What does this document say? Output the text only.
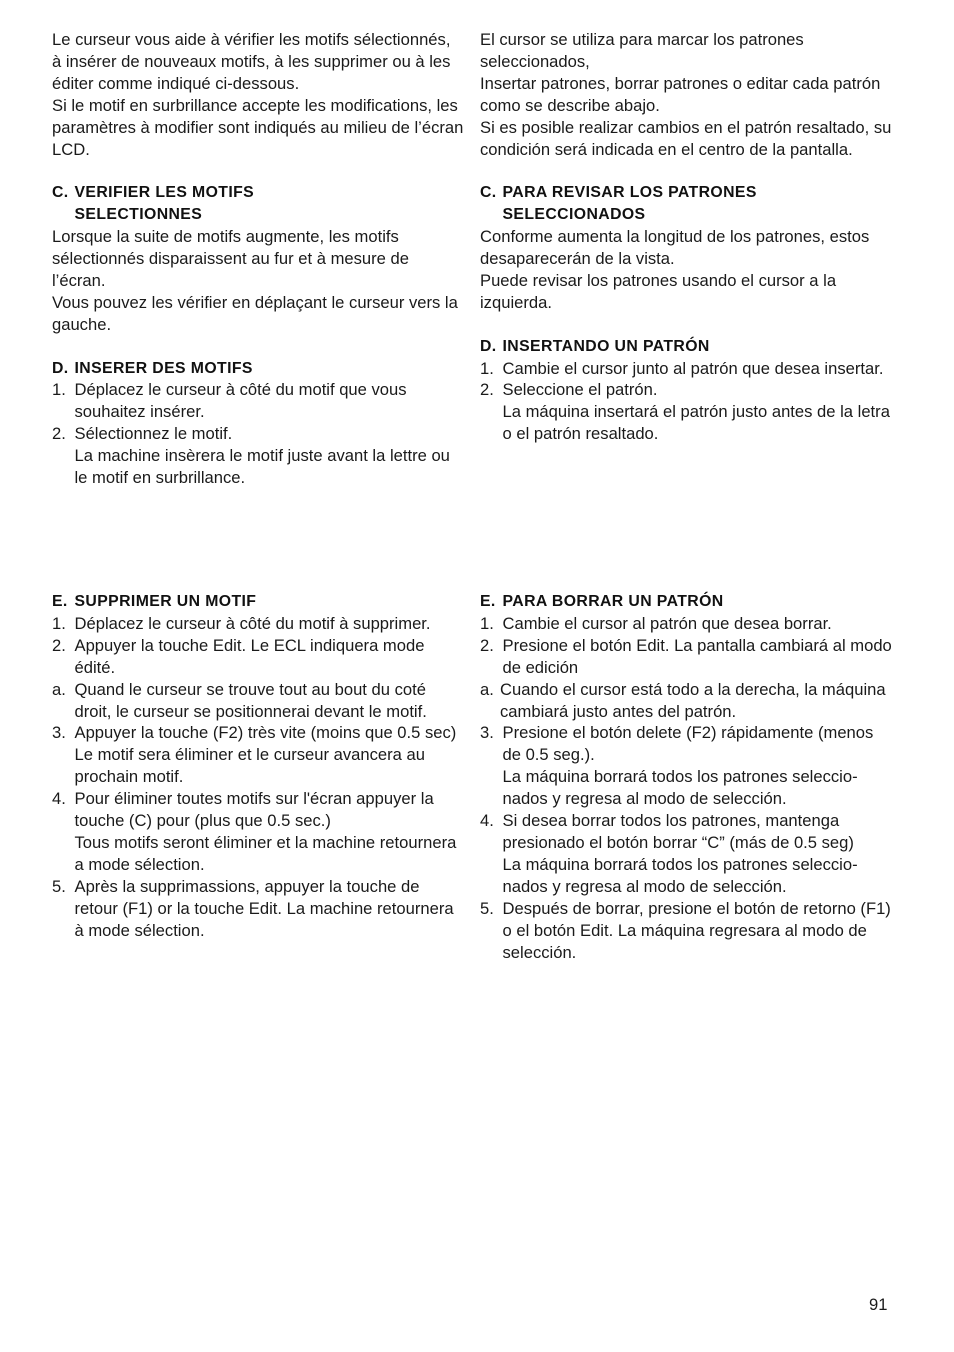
Le curseur vous aide à vérifier les motifs sélectionnés, à insérer de nouveaux motifs, à les supprimer ou à les éditer comme indiqué ci-dessous.

Si le motif en surbrillance accepte les modifications, les paramètres à modifier sont indiqués au milieu de l’écran LCD.

C. VERIFIER LES MOTIFS
SELECTIONNES

Lorsque la suite de motifs augmente, les motifs sélectionnés disparaissent au fur et à mesure de l’écran.

Vous pouvez les vérifier en déplaçant le curseur vers la gauche.

D. INSERER DES MOTIFS
1. Déplacez le curseur à côté du motif que vous souhaitez insérer.
2. Sélectionnez le motif.

La machine insèrera le motif juste avant la lettre ou le motif en surbrillance.

El cursor se utiliza para marcar los patrones seleccionados,

Insertar patrones, borrar patrones o editar cada patrón como se describe abajo.

Si es posible realizar cambios en el patrón resaltado, su condición será indicada en el centro de la pantalla.

C. PARA REVISAR LOS PATRONES
SELECCIONADOS

Conforme aumenta la longitud de los patrones, estos desaparecerán de la vista.

Puede revisar los patrones usando el cursor a la izquierda.

D. INSERTANDO UN PATRÓN
1. Cambie el cursor junto al patrón que desea insertar.
2. Seleccione el patrón.

La máquina insertará el patrón justo antes de la letra o el patrón resaltado.

E. SUPPRIMER UN MOTIF
1. Déplacez le curseur à côté du motif à supprimer.
2. Appuyer la touche Edit. Le ECL indiquera mode édité.
a. Quand le curseur se trouve tout au bout du coté droit, le curseur se positionnerai devant le motif.
3. Appuyer la touche (F2) très vite (moins que 0.5 sec)

Le motif sera éliminer et le curseur avancera au prochain motif.

4. Pour éliminer toutes motifs sur l'écran appuyer la touche (C) pour (plus que 0.5 sec.)

Tous motifs seront éliminer et la machine retournera a mode sélection.

5. Après la supprimassions, appuyer la touche de retour (F1) or la touche Edit. La machine retournera à mode sélection.
E. PARA BORRAR UN PATRÓN
1. Cambie el cursor al patrón que desea borrar.
2. Presione el botón Edit. La pantalla cambiará al modo de edición
a. Cuando el cursor está todo a la derecha, la máquina cambiará justo antes del patrón.
3. Presione el botón delete (F2) rápidamente (menos de 0.5 seg.).

La máquina borrará todos los patrones seleccio-nados y regresa al modo de selección.

4. Si desea borrar todos los patrones, mantenga presionado el botón borrar “C” (más de 0.5 seg)

La máquina borrará todos los patrones seleccio-nados y regresa al modo de selección.

5. Después de borrar, presione el botón de retorno (F1) o el botón Edit. La máquina regresara al modo de selección.
91
